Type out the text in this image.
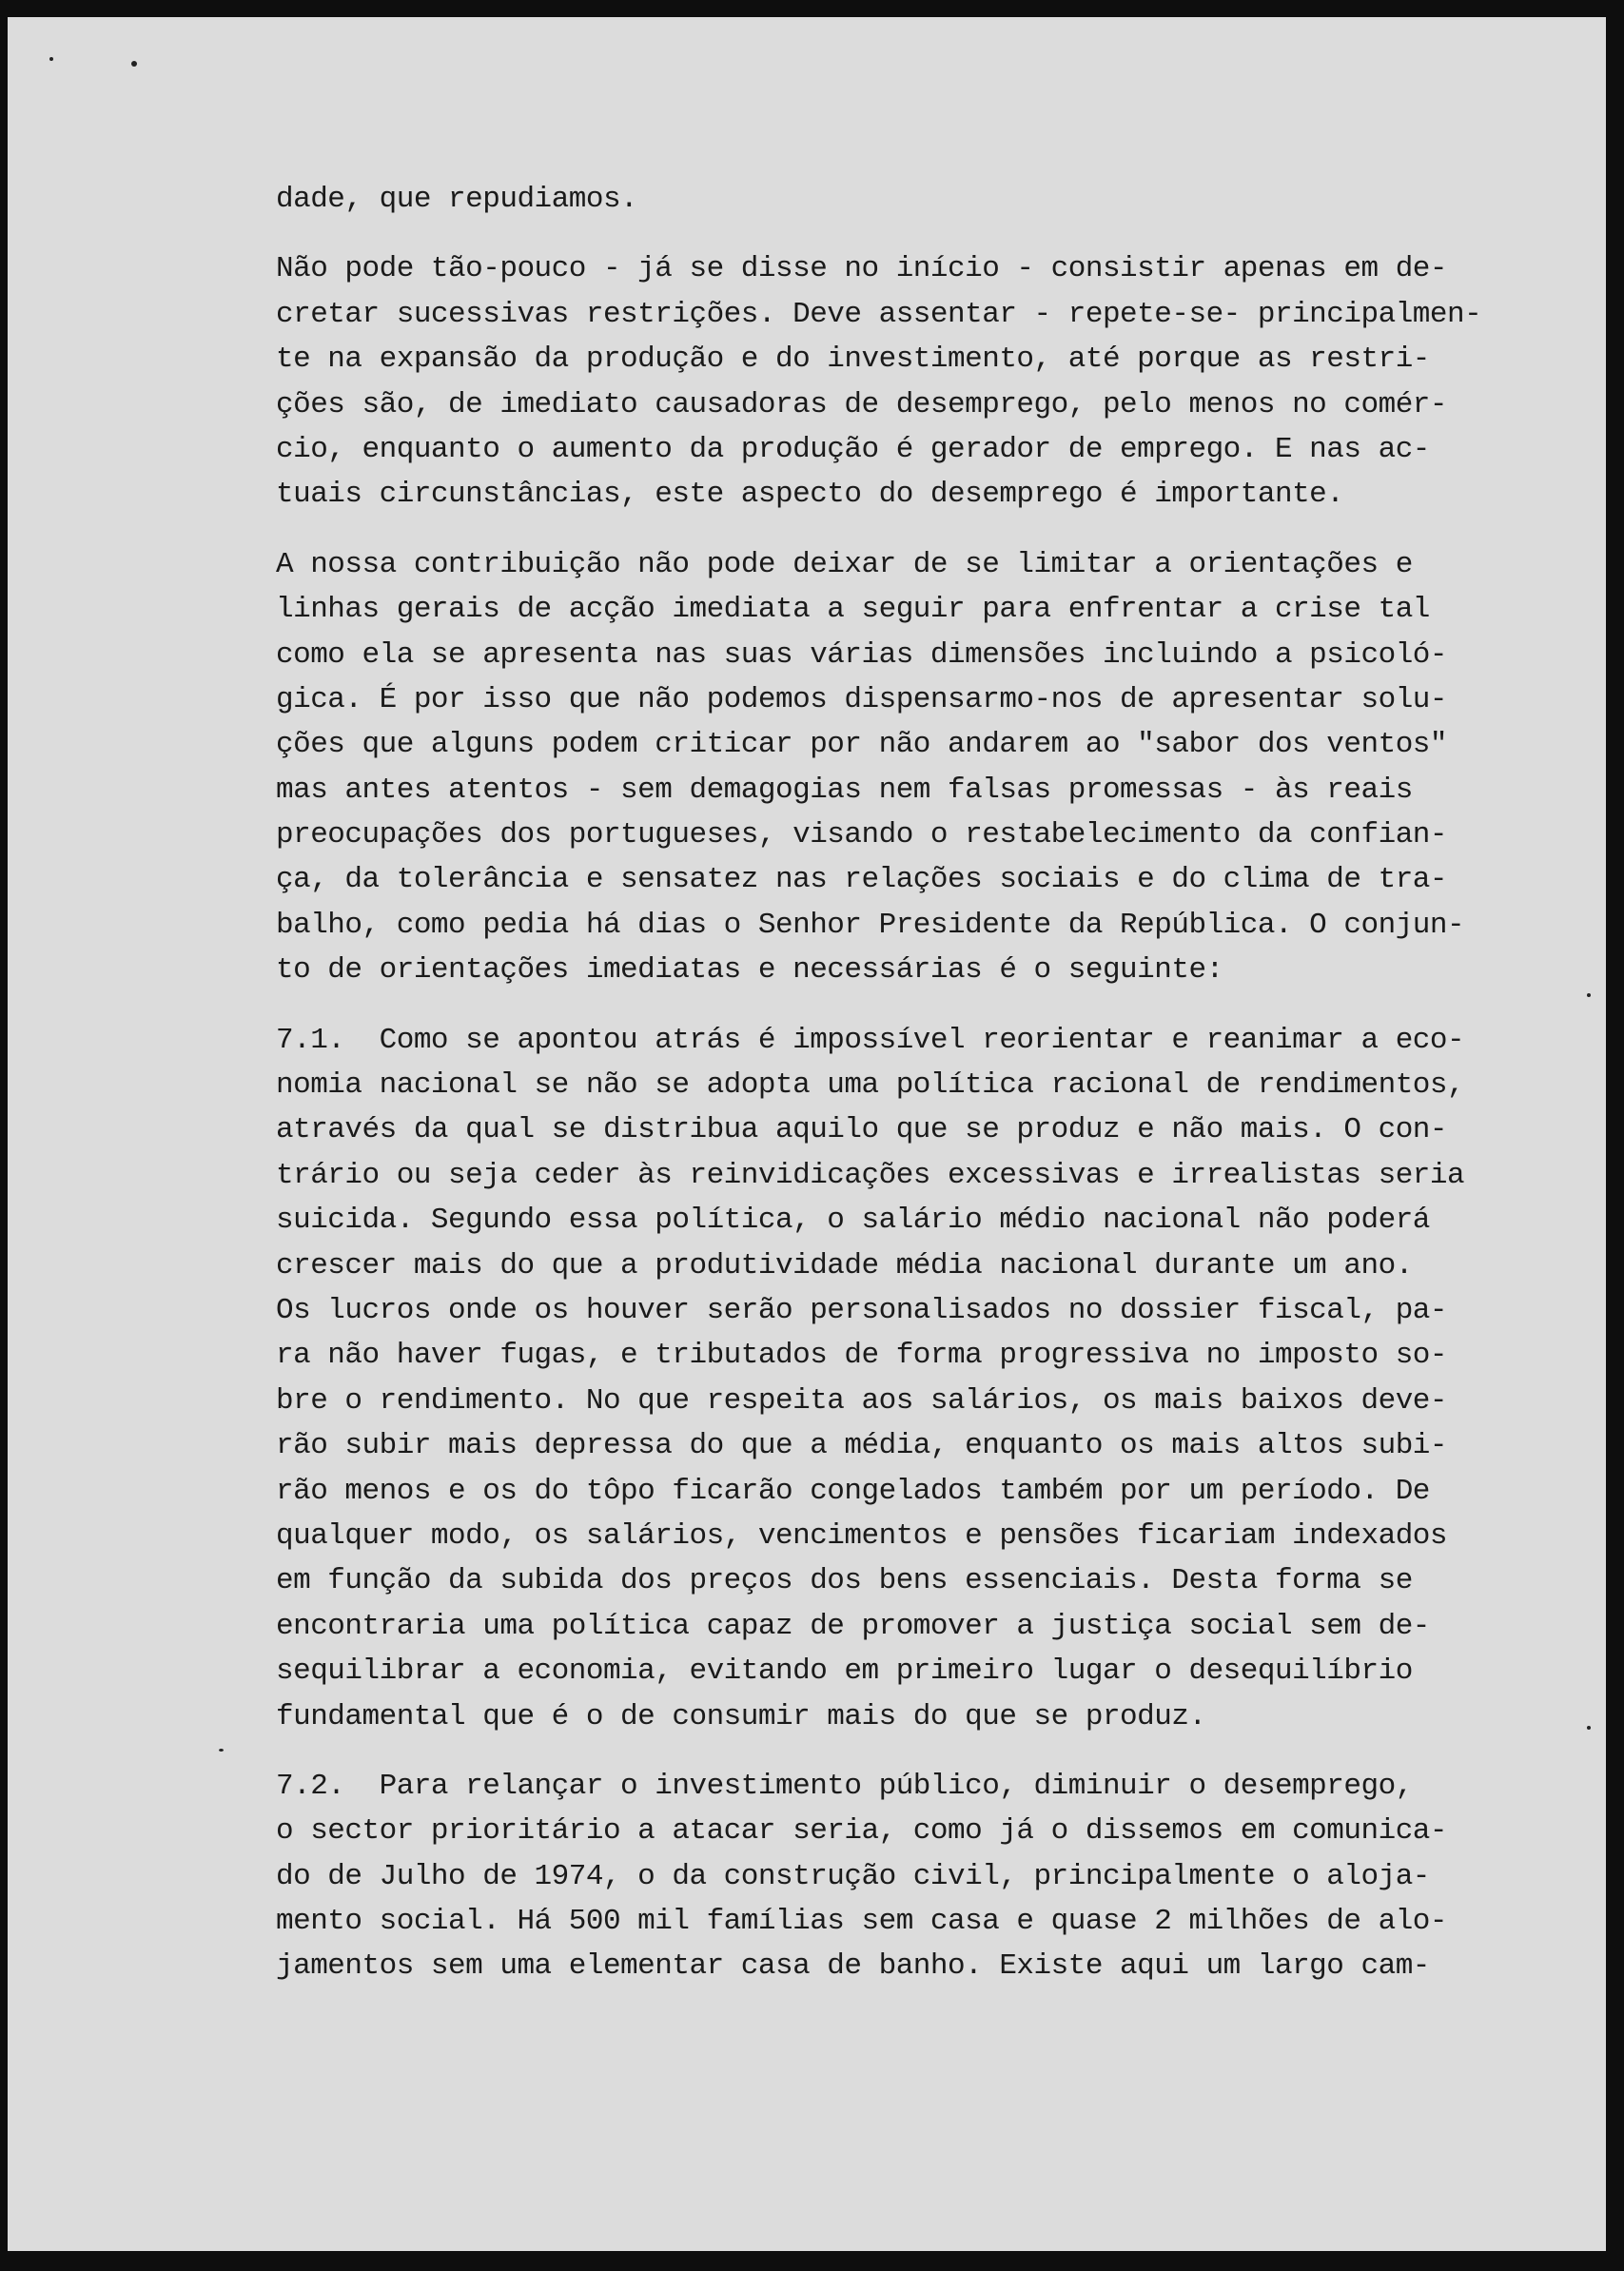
dade, que repudiamos.
Não pode tão-pouco - já se disse no início - consistir apenas em de-
cretar sucessivas restrições. Deve assentar - repete-se- principalmen-
te na expansão da produção e do investimento, até porque as restri-
ções são, de imediato causadoras de desemprego, pelo menos no comér-
cio, enquanto o aumento da produção é gerador de emprego. E nas ac-
tuais circunstâncias, este aspecto do desemprego é importante.
A nossa contribuição não pode deixar de se limitar a orientações e
linhas gerais de acção imediata a seguir para enfrentar a crise tal
como ela se apresenta nas suas várias dimensões incluindo a psicoló-
gica. É por isso que não podemos dispensarmo-nos de apresentar solu-
ções que alguns podem criticar por não andarem ao "sabor dos ventos"
mas antes atentos - sem demagogias nem falsas promessas - às reais
preocupações dos portugueses, visando o restabelecimento da confian-
ça, da tolerância e sensatez nas relações sociais e do clima de tra-
balho, como pedia há dias o Senhor Presidente da República. O conjun-
to de orientações imediatas e necessárias é o seguinte:
7.1.  Como se apontou atrás é impossível reorientar e reanimar a eco-
nomia nacional se não se adopta uma política racional de rendimentos,
através da qual se distribua aquilo que se produz e não mais. O con-
trário ou seja ceder às reinvidicações excessivas e irrealistas seria
suicida. Segundo essa política, o salário médio nacional não poderá
crescer mais do que a produtividade média nacional durante um ano.
Os lucros onde os houver serão personalisados no dossier fiscal, pa-
ra não haver fugas, e tributados de forma progressiva no imposto so-
bre o rendimento. No que respeita aos salários, os mais baixos deve-
rão subir mais depressa do que a média, enquanto os mais altos subi-
rão menos e os do tôpo ficarão congelados também por um período. De
qualquer modo, os salários, vencimentos e pensões ficariam indexados
em função da subida dos preços dos bens essenciais. Desta forma se
encontraria uma política capaz de promover a justiça social sem de-
sequilibrar a economia, evitando em primeiro lugar o desequilíbrio
fundamental que é o de consumir mais do que se produz.
7.2.  Para relançar o investimento público, diminuir o desemprego,
o sector prioritário a atacar seria, como já o dissemos em comunica-
do de Julho de 1974, o da construção civil, principalmente o aloja-
mento social. Há 500 mil famílias sem casa e quase 2 milhões de alo-
jamentos sem uma elementar casa de banho. Existe aqui um largo cam-
